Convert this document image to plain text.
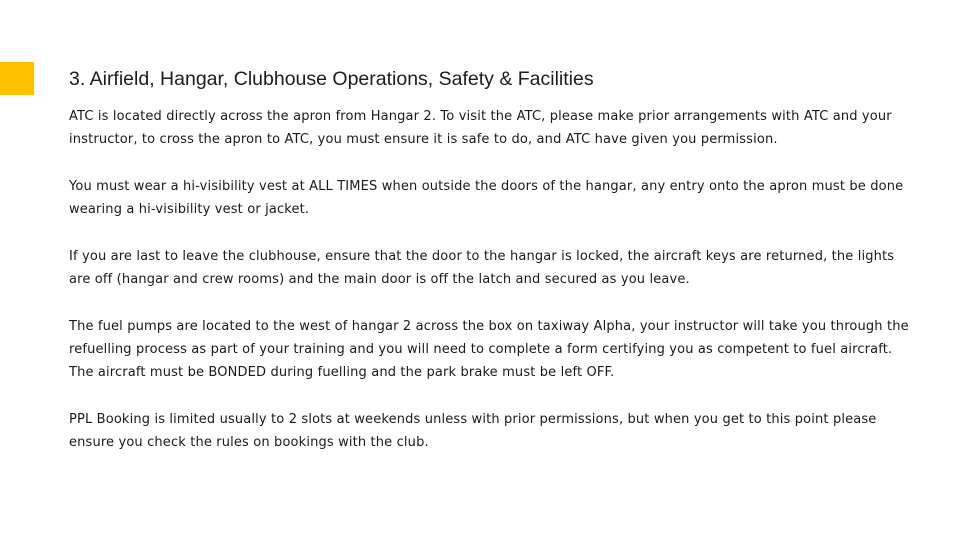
3. Airfield, Hangar, Clubhouse Operations, Safety & Facilities

ATC is located directly across the apron from Hangar 2. To visit the ATC, please make prior arrangements with ATC and your instructor, to cross the apron to ATC, you must ensure it is safe to do, and ATC have given you permission.

You must wear a hi-visibility vest at ALL TIMES when outside the doors of the hangar, any entry onto the apron must be done wearing a hi-visibility vest or jacket.

If you are last to leave the clubhouse, ensure that the door to the hangar is locked, the aircraft keys are returned, the lights are off (hangar and crew rooms) and the main door is off the latch and secured as you leave.

The fuel pumps are located to the west of hangar 2 across the box on taxiway Alpha, your instructor will take you through the refuelling process as part of your training and you will need to complete a form certifying you as competent to fuel aircraft. The aircraft must be BONDED during fuelling and the park brake must be left OFF.

PPL Booking is limited usually to 2 slots at weekends unless with prior permissions, but when you get to this point please ensure you check the rules on bookings with the club.
